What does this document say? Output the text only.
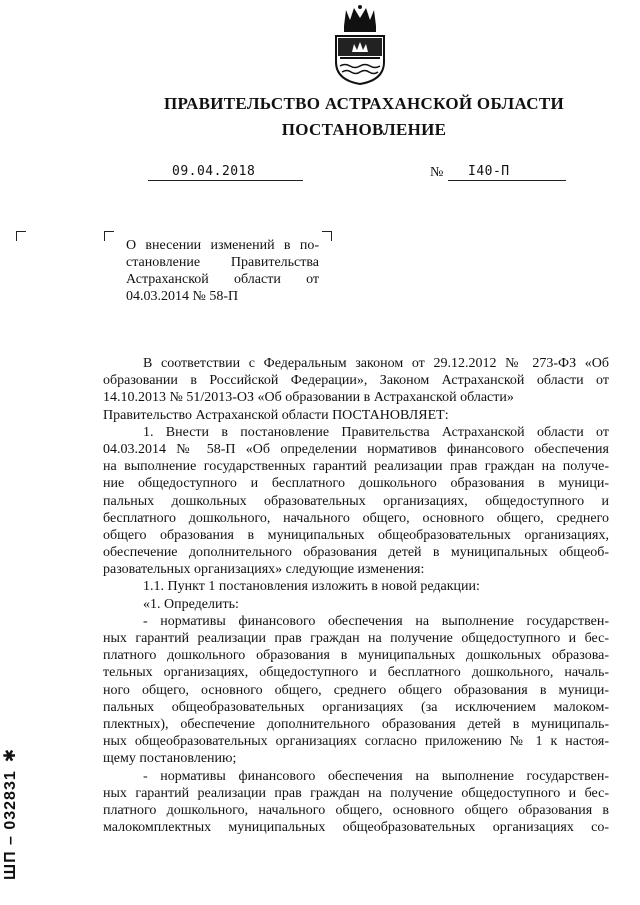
ПРАВИТЕЛЬСТВО АСТРАХАНСКОЙ ОБЛАСТИ
ПОСТАНОВЛЕНИЕ
09.04.2018	№ I40-П
О внесении изменений в по-
становление Правительства
Астраханской области от
04.03.2014 № 58-П
В соответствии с Федеральным законом от 29.12.2012 № 273-ФЗ «Об
образовании в Российской Федерации», Законом Астраханской области от
14.10.2013 № 51/2013-ОЗ «Об образовании в Астраханской области»
Правительство Астраханской области ПОСТАНОВЛЯЕТ:
1. Внести в постановление Правительства Астраханской области от
04.03.2014 № 58-П «Об определении нормативов финансового обеспечения
на выполнение государственных гарантий реализации прав граждан на получе-
ние общедоступного и бесплатного дошкольного образования в муници-
пальных дошкольных образовательных организациях, общедоступного и
бесплатного дошкольного, начального общего, основного общего, среднего
общего образования в муниципальных общеобразовательных организациях,
обеспечение дополнительного образования детей в муниципальных общеоб-
разовательных организациях» следующие изменения:
1.1. Пункт 1 постановления изложить в новой редакции:
«1. Определить:
- нормативы финансового обеспечения на выполнение государствен-
ных гарантий реализации прав граждан на получение общедоступного и бес-
платного дошкольного образования в муниципальных дошкольных образова-
тельных организациях, общедоступного и бесплатного дошкольного, началь-
ного общего, основного общего, среднего общего образования в муници-
пальных общеобразовательных организациях (за исключением малоком-
плектных), обеспечение дополнительного образования детей в муниципаль-
ных общеобразовательных организациях согласно приложению № 1 к настоя-
щему постановлению;
- нормативы финансового обеспечения на выполнение государствен-
ных гарантий реализации прав граждан на получение общедоступного и бес-
платного дошкольного, начального общего, основного общего образования в
малокомплектных муниципальных общеобразовательных организациях со-
ШП – 032831✱
